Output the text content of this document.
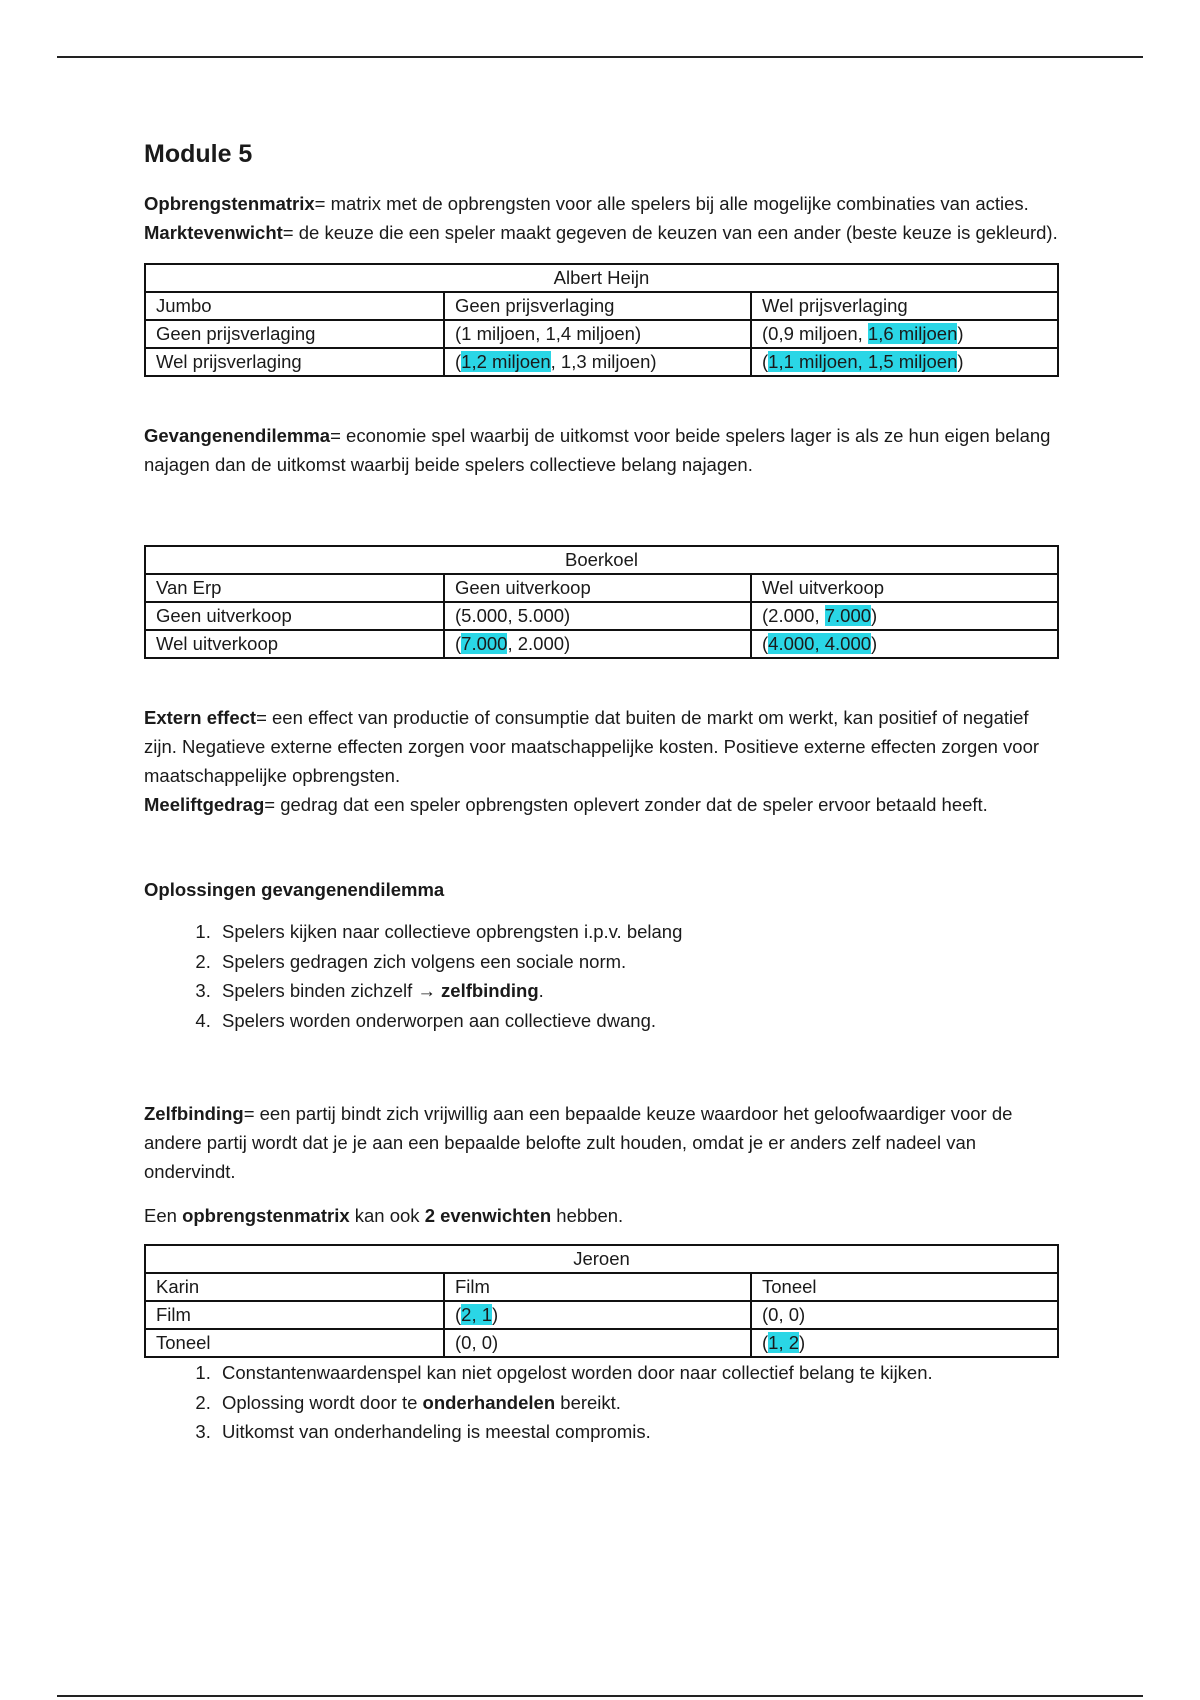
Module 5

Opbrengstenmatrix= matrix met de opbrengsten voor alle spelers bij alle mogelijke combinaties van acties.

Marktevenwicht= de keuze die een speler maakt gegeven de keuzen van een ander (beste keuze is gekleurd).

Albert Heijn		
Jumbo	Geen prijsverlaging	Wel prijsverlaging
Geen prijsverlaging	(1 miljoen, 1,4 miljoen)	(0,9 miljoen, 1,6 miljoen)
Wel prijsverlaging	(1,2 miljoen, 1,3 miljoen)	(1,1 miljoen, 1,5 miljoen)

Gevangenendilemma= economie spel waarbij de uitkomst voor beide spelers lager is als ze hun eigen belang najagen dan de uitkomst waarbij beide spelers collectieve belang najagen.

Boerkoel		
Van Erp	Geen uitverkoop	Wel uitverkoop
Geen uitverkoop	(5.000, 5.000)	(2.000, 7.000)
Wel uitverkoop	(7.000, 2.000)	(4.000, 4.000)

Extern effect= een effect van productie of consumptie dat buiten de markt om werkt, kan positief of negatief zijn. Negatieve externe effecten zorgen voor maatschappelijke kosten. Positieve externe effecten zorgen voor maatschappelijke opbrengsten.

Meeliftgedrag= gedrag dat een speler opbrengsten oplevert zonder dat de speler ervoor betaald heeft.

Oplossingen gevangenendilemma
1. Spelers kijken naar collectieve opbrengsten i.p.v. belang
2. Spelers gedragen zich volgens een sociale norm.
3. Spelers binden zichzelf → zelfbinding.
4. Spelers worden onderworpen aan collectieve dwang.

Zelfbinding= een partij bindt zich vrijwillig aan een bepaalde keuze waardoor het geloofwaardiger voor de andere partij wordt dat je je aan een bepaalde belofte zult houden, omdat je er anders zelf nadeel van ondervindt.

Een opbrengstenmatrix kan ook 2 evenwichten hebben.

Jeroen		
Karin	Film	Toneel
Film	(2, 1)	(0, 0)
Toneel	(0, 0)	(1, 2)
1. Constantenwaardenspel kan niet opgelost worden door naar collectief belang te kijken.
2. Oplossing wordt door te onderhandelen bereikt.
3. Uitkomst van onderhandeling is meestal compromis.
